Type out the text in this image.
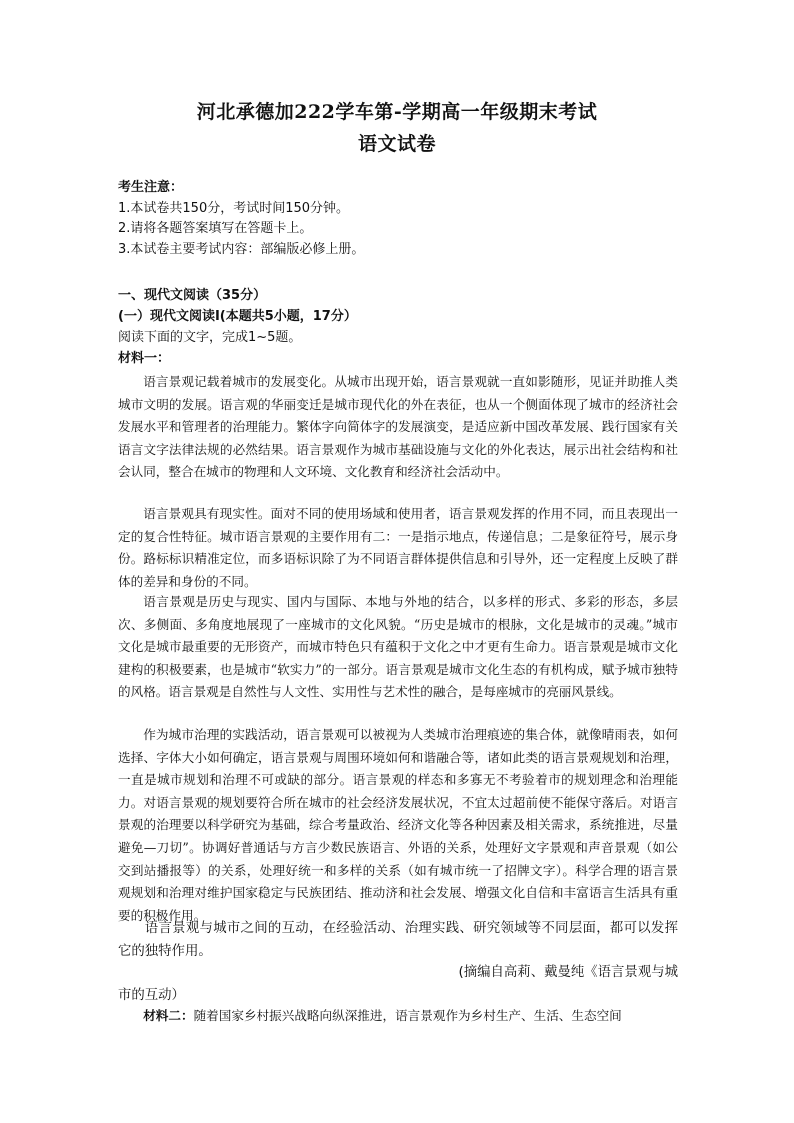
河北承德加222学车第-学期高一年级期末考试
语文试卷
考生注意：
1.本试卷共150分，考试时间150分钟。
2.请将各题答案填写在答题卡上。
3.本试卷主要考试内容：部编版必修上册。
一、现代文阅读（35分）
(一）现代文阅读Ⅰ(本题共5小题，17分）
阅读下面的文字，完成1~5题。
材料一：

语言景观记载着城市的发展变化。从城市出现开始，语言景观就一直如影随形，见证并助推人类城市文明的发展。语言观的华丽变迁是城市现代化的外在表征，也从一个侧面体现了城市的经济社会发展水平和管理者的治理能力。繁体字向简体字的发展演变，是适应新中国改革发展、践行国家有关语言文字法律法规的必然结果。语言景观作为城市基础设施与文化的外化表达，展示出社会结构和社会认同，整合在城市的物理和人文环境、文化教育和经济社会活动中。

语言景观具有现实性。面对不同的使用场域和使用者，语言景观发挥的作用不同，而且表现出一定的复合性特征。城市语言景观的主要作用有二：一是指示地点，传递信息；二是象征符号，展示身份。路标标识精准定位，而多语标识除了为不同语言群体提供信息和引导外，还一定程度上反映了群体的差异和身份的不同。

语言景观是历史与现实、国内与国际、本地与外地的结合，以多样的形式、多彩的形态，多层次、多侧面、多角度地展现了一座城市的文化风貌。“历史是城市的根脉，文化是城市的灵魂。”城市文化是城市最重要的无形资产，而城市特色只有蕴积于文化之中才更有生命力。语言景观是城市文化建构的积极要素，也是城市“软实力”的一部分。语言景观是城市文化生态的有机构成，赋予城市独特的风格。语言景观是自然性与人文性、实用性与艺术性的融合，是每座城市的亮丽风景线。

作为城市治理的实践活动，语言景观可以被视为人类城市治理痕迹的集合体，就像晴雨表，如何选择、字体大小如何确定，语言景观与周围环境如何和谐融合等，诸如此类的语言景观规划和治理，一直是城市规划和治理不可或缺的部分。语言景观的样态和多寡无不考验着市的规划理念和治理能力。对语言景观的规划要符合所在城市的社会经济发展状况，不宜太过超前使不能保守落后。对语言景观的治理要以科学研究为基础，综合考量政治、经济文化等各种因素及相关需求，系统推进，尽量避免—刀切”。协调好普通话与方言少数民族语言、外语的关系，处理好文字景观和声音景观（如公交到站播报等）的关系，处理好统一和多样的关系（如有城市统一了招牌文字）。科学合理的语言景观规划和治理对维护国家稳定与民族团结、推动济和社会发展、增强文化自信和丰富语言生活具有重要的积极作用。

语言景观与城市之间的互动，在经验活动、治理实践、研究领域等不同层面，都可以发挥它的独特作用。

(摘编自高莉、戴曼纯《语言景观与城
市的互动）
材料二：随着国家乡村振兴战略向纵深推进，语言景观作为乡村生产、生活、生态空间
